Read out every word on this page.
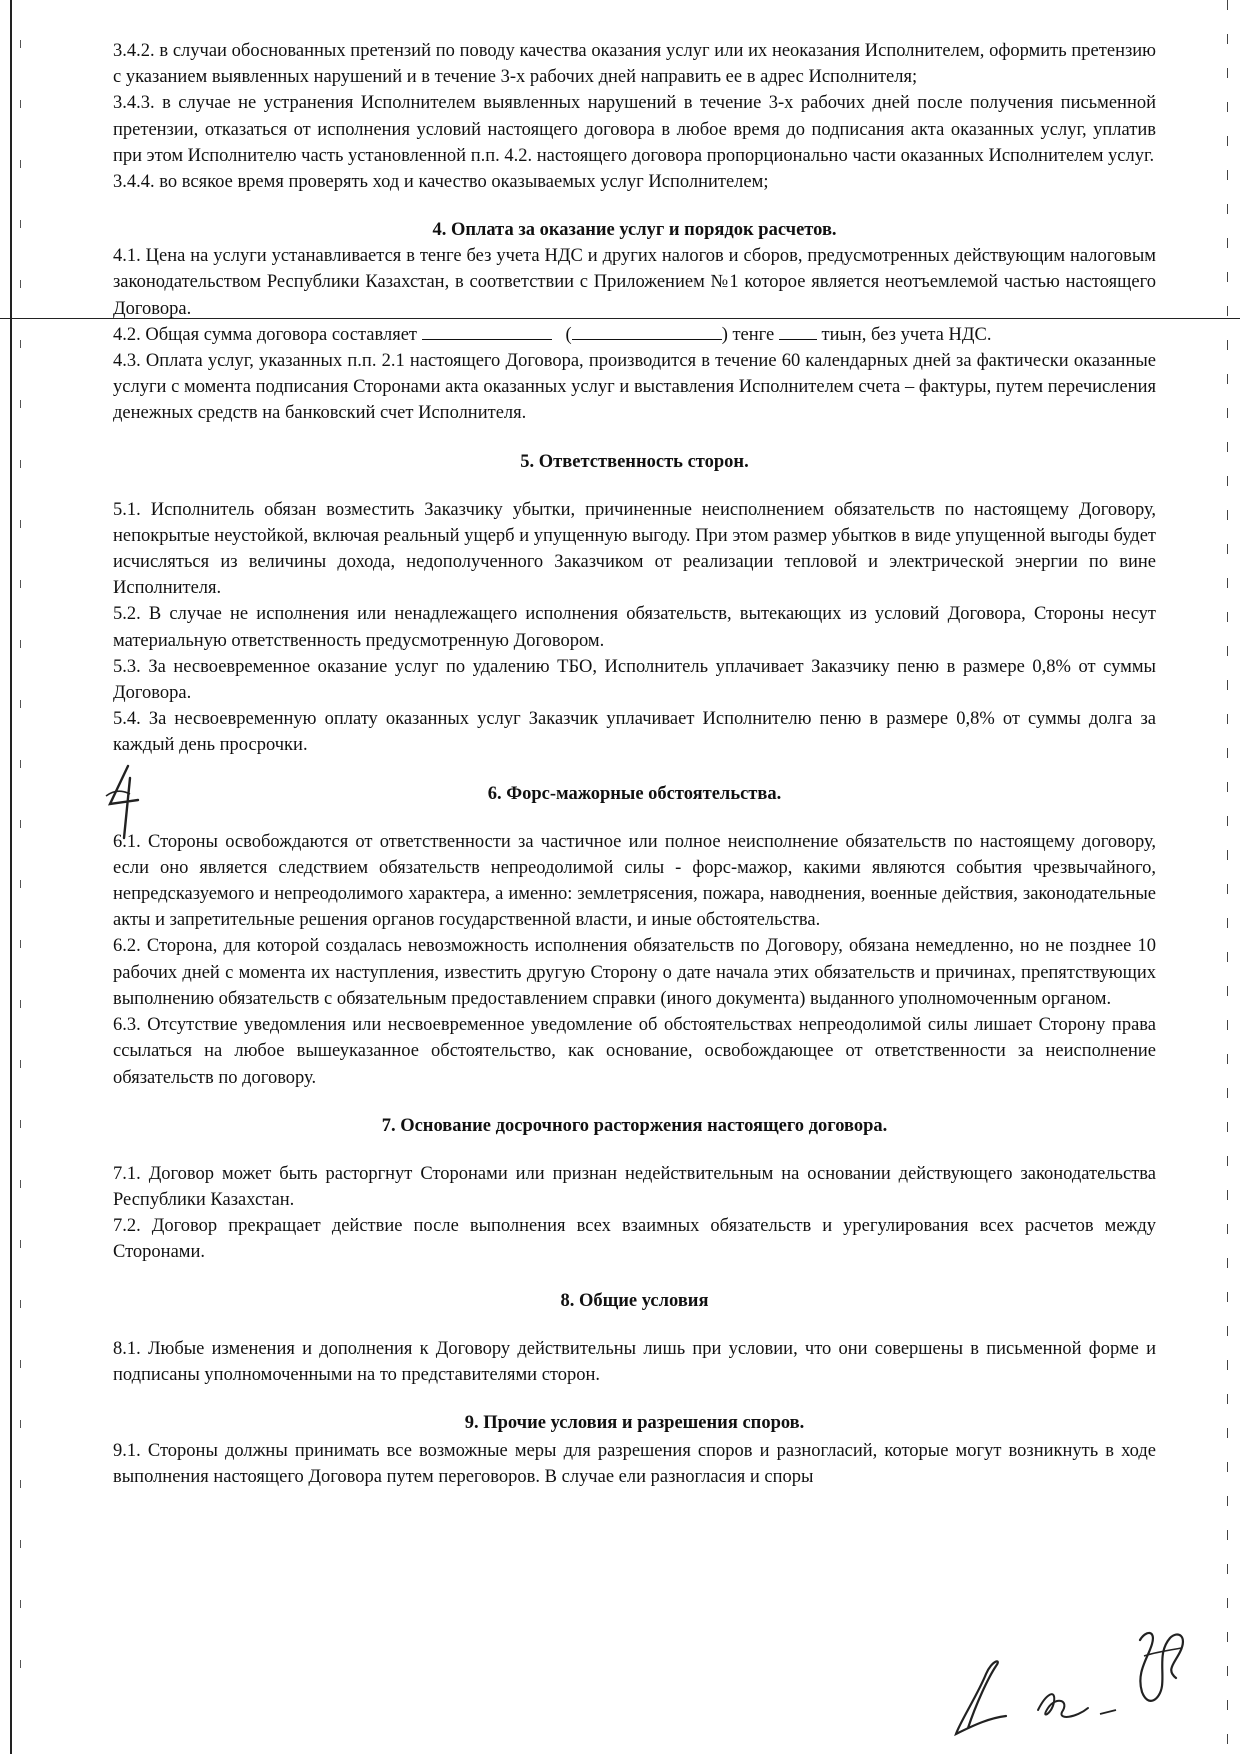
3.4.2. в случаи обоснованных претензий по поводу качества оказания услуг или их неоказания Исполнителем, оформить претензию с указанием выявленных нарушений и в течение 3-х рабочих дней направить ее в адрес Исполнителя;

3.4.3. в случае не устранения Исполнителем выявленных нарушений в течение 3-х рабочих дней после получения письменной претензии, отказаться от исполнения условий настоящего договора в любое время до подписания акта оказанных услуг, уплатив при этом Исполнителю часть установленной п.п. 4.2. настоящего договора пропорционально части оказанных Исполнителем услуг.

3.4.4. во всякое время проверять ход и качество оказываемых услуг Исполнителем;

4. Оплата за оказание услуг и порядок расчетов.

4.1. Цена на услуги устанавливается в тенге без учета НДС и других налогов и сборов, предусмотренных действующим налоговым законодательством Республики Казахстан, в соответствии с Приложением №1 которое является неотъемлемой частью настоящего Договора.

4.2. Общая сумма договора составляет	(	) тенге	тиын, без учета НДС.

4.3. Оплата услуг, указанных п.п. 2.1 настоящего Договора, производится в течение 60 календарных дней за фактически оказанные услуги с момента подписания Сторонами акта оказанных услуг и выставления Исполнителем счета – фактуры, путем перечисления денежных средств на банковский счет Исполнителя.

5. Ответственность сторон.

5.1. Исполнитель обязан возместить Заказчику убытки, причиненные неисполнением обязательств по настоящему Договору, непокрытые неустойкой, включая реальный ущерб и упущенную выгоду. При этом размер убытков в виде упущенной выгоды будет исчисляться из величины дохода, недополученного Заказчиком от реализации тепловой и электрической энергии по вине Исполнителя.

5.2. В случае не исполнения или ненадлежащего исполнения обязательств, вытекающих из условий Договора, Стороны несут материальную ответственность предусмотренную Договором.

5.3. За несвоевременное оказание услуг по удалению ТБО, Исполнитель уплачивает Заказчику пеню в размере 0,8% от суммы Договора.

5.4. За несвоевременную оплату оказанных услуг Заказчик уплачивает Исполнителю пеню в размере 0,8% от суммы долга за каждый день просрочки.

6. Форс-мажорные обстоятельства.

6.1. Стороны освобождаются от ответственности за частичное или полное неисполнение обязательств по настоящему договору, если оно является следствием обязательств непреодолимой силы - форс-мажор, какими являются события чрезвычайного, непредсказуемого и непреодолимого характера, а именно: землетрясения, пожара, наводнения, военные действия, законодательные акты и запретительные решения органов государственной власти, и иные обстоятельства.

6.2. Сторона, для которой создалась невозможность исполнения обязательств по Договору, обязана немедленно, но не позднее 10 рабочих дней с момента их наступления, известить другую Сторону о дате начала этих обязательств и причинах, препятствующих выполнению обязательств с обязательным предоставлением справки (иного документа) выданного уполномоченным органом.

6.3. Отсутствие уведомления или несвоевременное уведомление об обстоятельствах непреодолимой силы лишает Сторону права ссылаться на любое вышеуказанное обстоятельство, как основание, освобождающее от ответственности за неисполнение обязательств по договору.

7. Основание досрочного расторжения настоящего договора.

7.1. Договор может быть расторгнут Сторонами или признан недействительным на основании действующего законодательства Республики Казахстан.

7.2. Договор прекращает действие после выполнения всех взаимных обязательств и урегулирования всех расчетов между Сторонами.

8. Общие условия

8.1. Любые изменения и дополнения к Договору действительны лишь при условии, что они совершены в письменной форме и подписаны уполномоченными на то представителями сторон.

9. Прочие условия и разрешения споров.

9.1. Стороны должны принимать все возможные меры для разрешения споров и разногласий, которые могут возникнуть в ходе выполнения настоящего Договора путем переговоров. В случае ели разногласия и споры
